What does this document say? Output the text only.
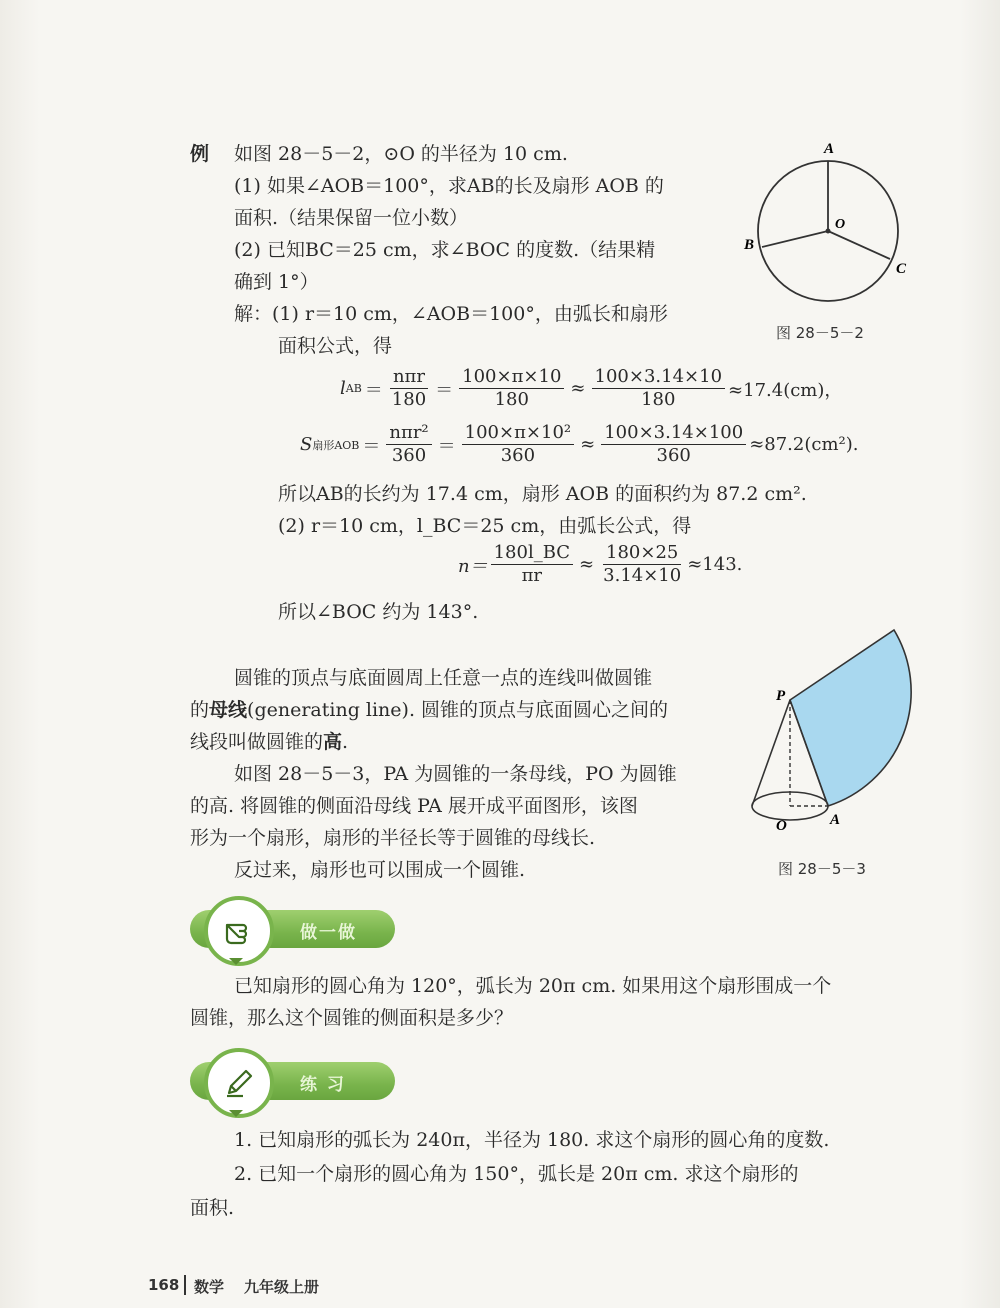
例 如图 28－5－2，⊙O 的半径为 10 cm.
(1) 如果∠AOB＝100°，求AB的长及扇形 AOB 的
面积.（结果保留一位小数）
(2) 已知BC＝25 cm，求∠BOC 的度数.（结果精
确到 1°）
解：(1) r＝10 cm，∠AOB＝100°，由弧长和扇形
面积公式，得
l AB ＝ $\frac{\text{nπr}}{180} = \frac{100\times\pi\times 10}{180} \approx \frac{100\times 3.14\times 10}{180} \approx 17.4(cm)$，
S 扇形AOB ＝ $\frac{\text{nπr²}}{360} = \frac{\text{100×π×10²}}{360} \approx \frac{100\times 3.14\times 100}{360} \approx 87.2(cm^2)$.
所以AB的长约为 17.4 cm，扇形 AOB 的面积约为 87.2 cm².
(2) r＝10 cm，l_BC＝25 cm，由弧长公式，得
$n= \frac{180l\_BC}{\pi r} \approx \frac{180\times 25}{3.14\times 10} \approx 143$.
所以∠BOC 约为 143°.
A
B
C
O
图 28－5－2
圆锥的顶点与底面圆周上任意一点的连线叫做圆锥
的母线(generating line). 圆锥的顶点与底面圆心之间的
线段叫做圆锥的高.
如图 28－5－3，PA 为圆锥的一条母线，PO 为圆锥
的高. 将圆锥的侧面沿母线 PA 展开成平面图形，该图
形为一个扇形，扇形的半径长等于圆锥的母线长.
反过来，扇形也可以围成一个圆锥.
P
O	A
图 28－5－3
做一做
已知扇形的圆心角为 120°，弧长为 20π cm. 如果用这个扇形围成一个
圆锥，那么这个圆锥的侧面积是多少？
练 习
1. 已知扇形的弧长为 240π，半径为 180. 求这个扇形的圆心角的度数.
2. 已知一个扇形的圆心角为 150°，弧长是 20π cm. 求这个扇形的
面积.
168 数学 九年级上册
